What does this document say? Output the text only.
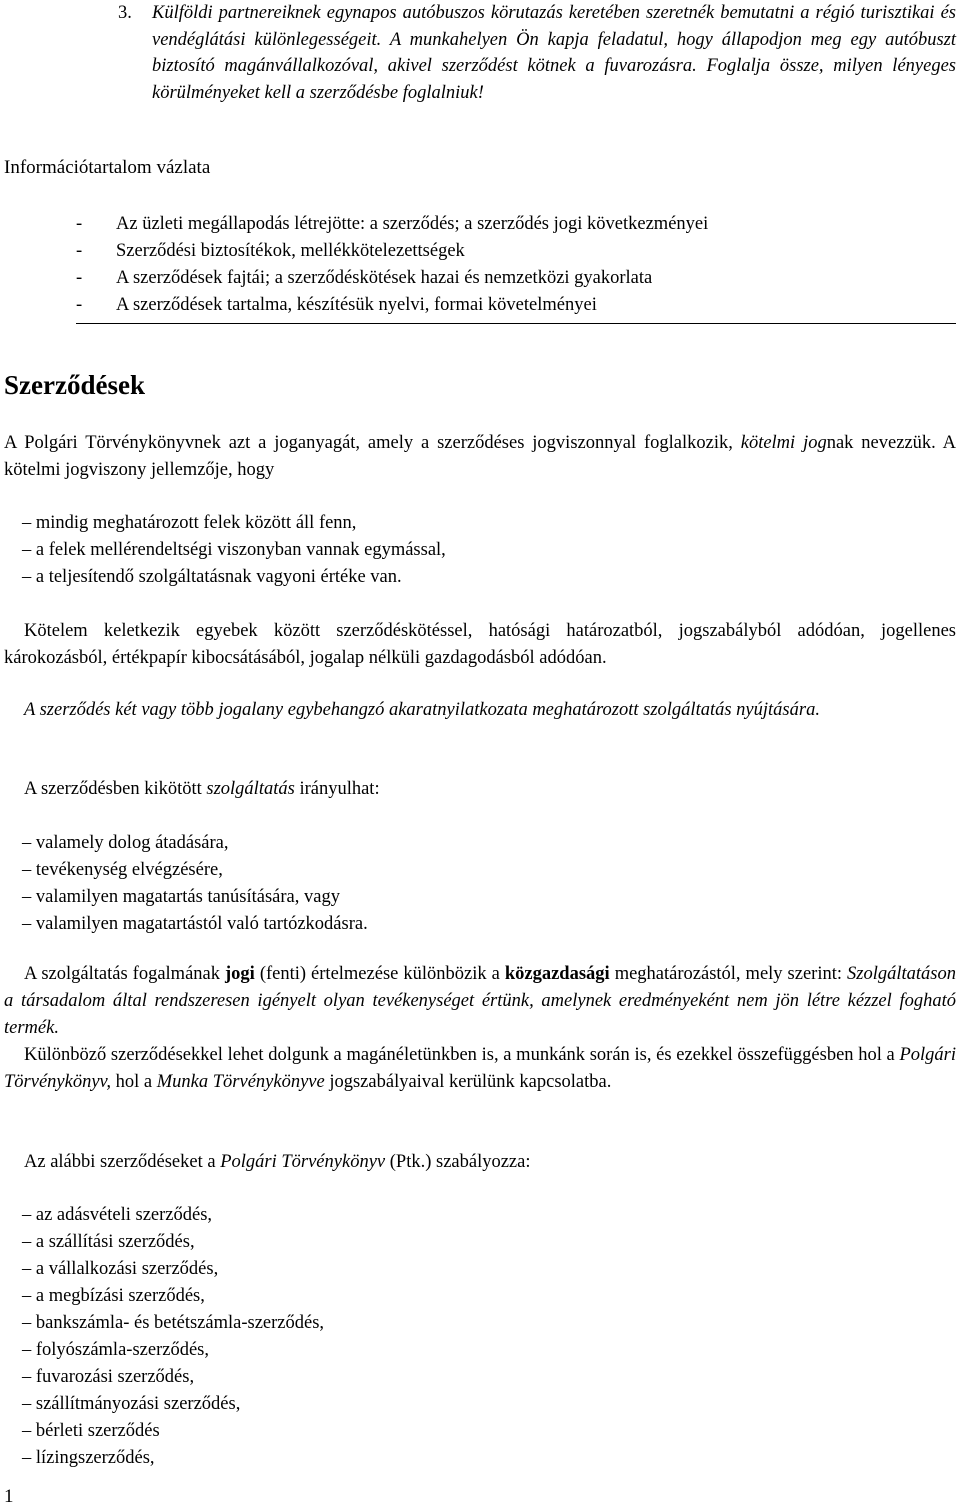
3. Külföldi partnereiknek egynapos autóbuszos körutazás keretében szeretnék bemutatni a régió turisztikai és vendéglátási különlegességeit. A munkahelyen Ön kapja feladatul, hogy állapodjon meg egy autóbuszt biztosító magánvállalkozóval, akivel szerződést kötnek a fuvarozásra. Foglalja össze, milyen lényeges körülményeket kell a szerződésbe foglalniuk!
Információtartalom vázlata
- Az üzleti megállapodás létrejötte: a szerződés; a szerződés jogi következményei
- Szerződési biztosítékok, mellékkötelezettségek
- A szerződések fajtái; a szerződéskötések hazai és nemzetközi gyakorlata
- A szerződések tartalma, készítésük nyelvi, formai követelményei
Szerződések
A Polgári Törvénykönyvnek azt a joganyagát, amely a szerződéses jogviszonnyal foglalkozik, kötelmi jognak nevezzük. A kötelmi jogviszony jellemzője, hogy
– mindig meghatározott felek között áll fenn,
– a felek mellérendeltségi viszonyban vannak egymással,
– a teljesítendő szolgáltatásnak vagyoni értéke van.
Kötelem keletkezik egyebek között szerződéskötéssel, hatósági határozatból, jogszabályból adódóan, jogellenes károkozásból, értékpapír kibocsátásából, jogalap nélküli gazdagodásból adódóan.
A szerződés két vagy több jogalany egybehangzó akaratnyilatkozata meghatározott szolgáltatás nyújtására.
A szerződésben kikötött szolgáltatás irányulhat:
– valamely dolog átadására,
– tevékenység elvégzésére,
– valamilyen magatartás tanúsítására, vagy
– valamilyen magatartástól való tartózkodásra.
A szolgáltatás fogalmának jogi (fenti) értelmezése különbözik a közgazdasági meghatározástól, mely szerint: Szolgáltatáson a társadalom által rendszeresen igényelt olyan tevékenységet értünk, amelynek eredményeként nem jön létre kézzel fogható termék.
Különböző szerződésekkel lehet dolgunk a magánéletünkben is, a munkánk során is, és ezekkel összefüggésben hol a Polgári Törvénykönyv, hol a Munka Törvénykönyve jogszabályaival kerülünk kapcsolatba.
Az alábbi szerződéseket a Polgári Törvénykönyv (Ptk.) szabályozza:
– az adásvételi szerződés,
– a szállítási szerződés,
– a vállalkozási szerződés,
– a megbízási szerződés,
– bankszámla- és betétszámla-szerződés,
– folyószámla-szerződés,
– fuvarozási szerződés,
– szállítmányozási szerződés,
– bérleti szerződés
– lízingszerződés,
1
